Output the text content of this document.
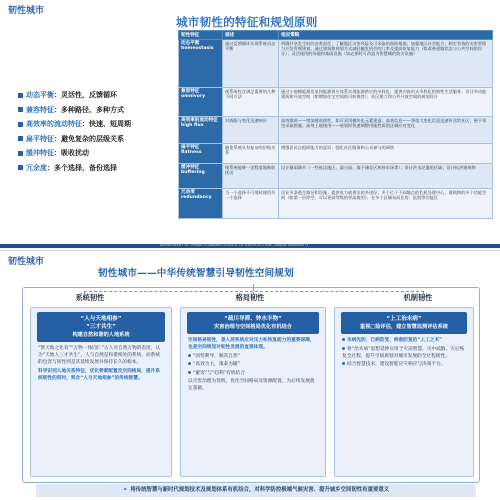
韧性城市
城市韧性的特征和规划原则
动态平衡：灵活性，反馈循环
兼容特征：多种路径、多种方式
高效率的流动特征：快速、短周期
扁平特征：避免复杂的层级关系
缓冲特征：吸收扰动
冗余度：多个选择，备份选择
韧性特征	描述	相应策略
动态平衡 homeostasis	通过反馈循环实现系统动态平衡	明确共享发生时的各类责任；了解地区灾害风险及可采取的预防措施；加强地区社会能力；制定有效的灾害管理与应急管理规划；通过建筑和规划方式减轻触发机会的几率及提高恢复能力（如改善道路状态与公共空间的设计）；灵活使用的场地和基础设施（如必要时可改造为智慧城的防灾设施）
兼容特征 omnivory	使系统包含满足需要的几种不同方法	通过小规模能源发电和能源供应体系实现能源供应的多样化；提供内容形式多样化的韧性生活服务；设计多功能建筑和开放空间（如增加住宅空间的可转换性）；社区建立和公共开放空间的规划设计
高效率的流动特征 high flux	对威胁与变化迅速响应	高效建筑——增加建筑韧性，如可采用模块化元素建造；高效信息——将重大变化信息迅速传达给社区；便于邻里采取措施；高效土地使用——规划时快速调整用地性质的区域应对变化
扁平特征 flatness	避免系统具有复杂的层级关系	增强居民自组织能力的意识；强化社区服务和公众参与的网络
缓冲特征 buffering	使系统能够一定程度地吸收扰动	设计暴雨调节（一些低洼地区、湿公园、地下储存区和停车场等）；设计洪水泛滥的区域；设计抗洪建筑物
冗余度 redundancy	当一个选择不可用时使用另一个选择	设计多条逃生路径和设施；提供电力或供水的多途径；多个位于不同地点的危机处理中心；建筑物的多个功能空间（如第一层停空，可以更高等级的更高使用）；在多个区域布局住房、医院等功能区
DEPARTMENT OF URBAN PLANNING SCHOOL OF ARCHITECTURE TIANJIN UNIVERSITY
韧性城市
韧性城市——中华传统智慧引导韧性空间规划
系统韧性	格局韧性	机制韧性
“人与天地相参”
“三才共生”
构建自然和谐的人地系统

“赞天地之化育”“万物一体同仁”古人对自然万物的态度，认为“天地人三才共生”，人与自然是和谐相处的系统，而系统的包容与韧性则是其延续发展并保持长久的根本。

科学识别人地关系特征，优化要素配置及空间格局，提升系统韧性的同时，契合“人与天地相参”的传统智慧。

“疏川导滞、钟水丰物”
灾害治理与空间格局优化有机结合

空间格局韧性，是人居系统应对压力和恢复能力的重要保障，也是空间规划对韧性发展的直接体现。

“因势利导、顺其自然”

“高效为主，康泰为辅”

“避害”与“趋利”有机结合

以灾害治理为契机，优化空间格局及资源配置，为后续发展奠定基础。

“上工治未病”
重视□险评估，建立智慧监测评估系统

未病先防、已病防变、病愈防复的“上工之术”

将“治未病”思想延伸应用于灾前智慧、灾中疏散、灾后恢复全过程，提升空间规划对城市发展的全过程韧性。

结合智慧技术，建设智能应灾响应与决策平台。

✦ 将传统智慧与新时代规划技术及规划体系有机结合，对科学防控极端气候灾害、提升城乡空间韧性有重要意义
